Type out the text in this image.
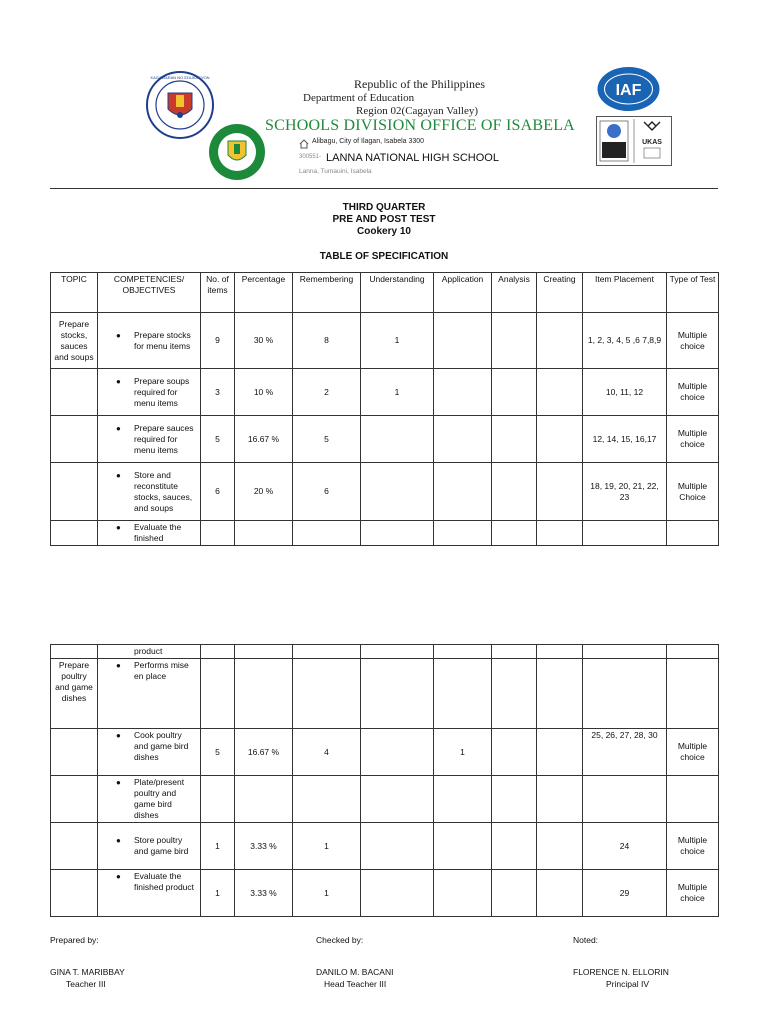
KAGAWARAN NG EDUKASYON	Republic of the Philippines
Department of Education
Region 02(Cagayan Valley)
SCHOOLS DIVISION OFFICE OF ISABELA
Alibagu, City of Ilagan, Isabela 3300
300551- LANNA NATIONAL HIGH SCHOOL
Lanna, Tumauini, Isabela
IAF
UKAS
THIRD QUARTER
PRE AND POST TEST
Cookery 10
TABLE OF SPECIFICATION
TOPIC	COMPETENCIES/ OBJECTIVES	No. of items	Percentage	Remembering	Understanding	Application	Analysis	Creating	Item Placement	Type of Test
Prepare stocks, sauces and soups	● Prepare stocks for menu items	9	30 %	8	1				1, 2, 3, 4, 5 ,6 7,8,9	Multiple choice

	● Prepare soups required for menu items	3	10 %	2	1				10, 11, 12	Multiple choice

	● Prepare sauces required for menu items	5	16.67 %	5					12, 14, 15, 16,17	Multiple choice

	● Store and reconstitute stocks, sauces, and soups	6	20 %	6					18, 19, 20, 21, 22, 23	Multiple Choice

	● Evaluate the finished									

	product									

Prepare poultry and game dishes	● Performs mise en place									

	● Cook poultry and game bird dishes	5	16.67 %	4		1			25, 26, 27, 28, 30	Multiple choice

	● Plate/present poultry and game bird dishes									

	● Store poultry and game bird	1	3.33 %	1					24	Multiple choice

	● Evaluate the finished product	1	3.33 %	1					29	Multiple choice
Prepared by:	Checked by:	Noted:
GINA T. MARIBBAY
Teacher III
DANILO M. BACANI
Head Teacher III
FLORENCE N. ELLORIN
Principal IV
